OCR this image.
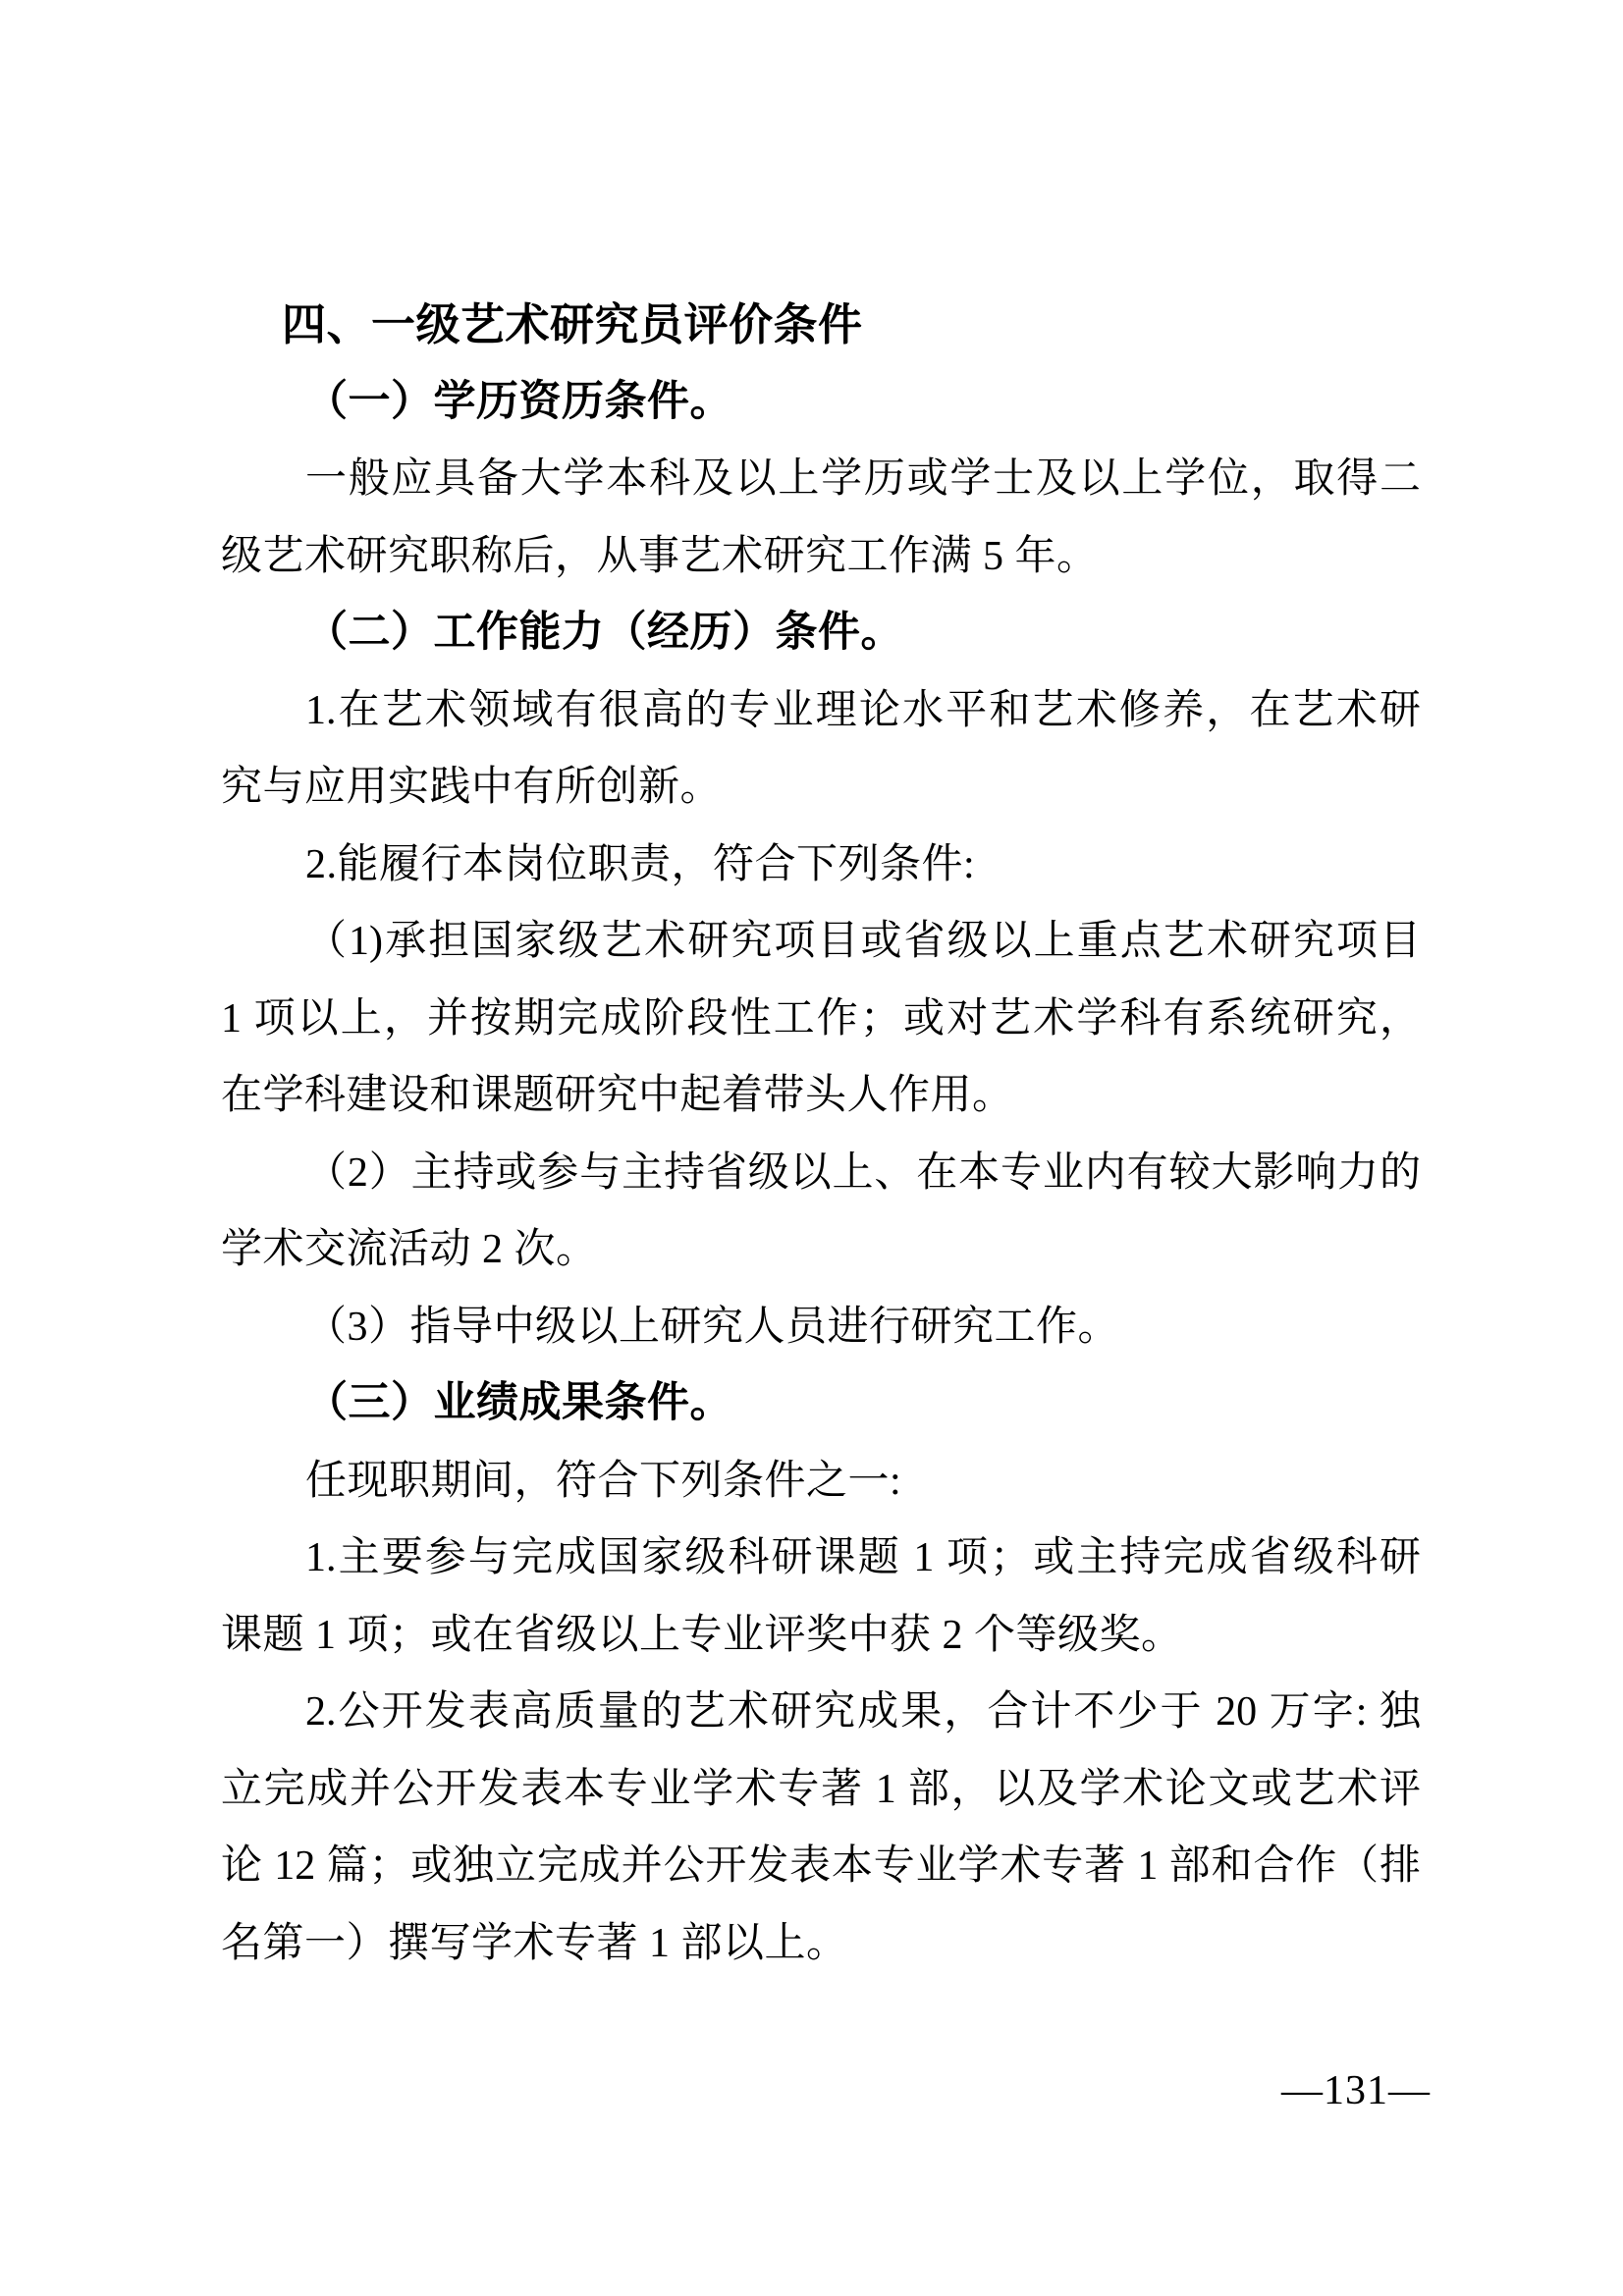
四、一级艺术研究员评价条件

（一）学历资历条件。

一般应具备大学本科及以上学历或学士及以上学位，取得二

级艺术研究职称后，从事艺术研究工作满 5 年。

（二）工作能力（经历）条件。

1.在艺术领域有很高的专业理论水平和艺术修养，在艺术研

究与应用实践中有所创新。

2.能履行本岗位职责，符合下列条件:

（1)承担国家级艺术研究项目或省级以上重点艺术研究项目

1 项以上，并按期完成阶段性工作；或对艺术学科有系统研究，

在学科建设和课题研究中起着带头人作用。

（2）主持或参与主持省级以上、在本专业内有较大影响力的

学术交流活动 2 次。

（3）指导中级以上研究人员进行研究工作。

（三）业绩成果条件。

任现职期间，符合下列条件之一:

1.主要参与完成国家级科研课题 1 项；或主持完成省级科研

课题 1 项；或在省级以上专业评奖中获 2 个等级奖。

2.公开发表高质量的艺术研究成果，合计不少于 20 万字: 独

立完成并公开发表本专业学术专著 1 部，以及学术论文或艺术评

论 12 篇；或独立完成并公开发表本专业学术专著 1 部和合作（排

名第一）撰写学术专著 1 部以上。

—131—
